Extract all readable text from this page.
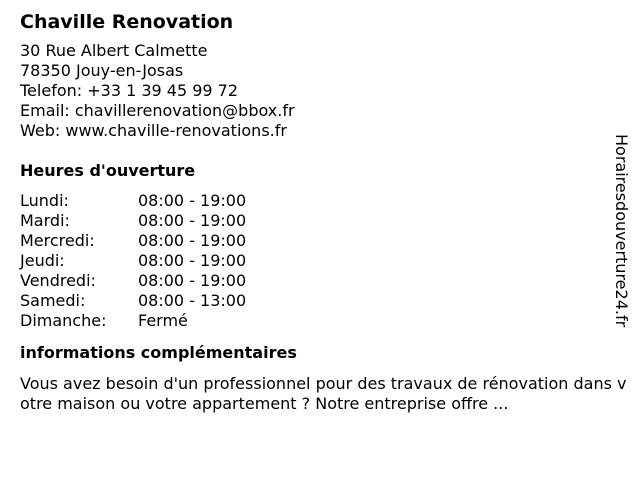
Chaville Renovation
30 Rue Albert Calmette
78350 Jouy-en-Josas
Telefon: +33 1 39 45 99 72
Email: chavillerenovation@bbox.fr
Web: www.chaville-renovations.fr
Heures d'ouverture
Lundi:	08:00 - 19:00
Mardi:	08:00 - 19:00
Mercredi:	08:00 - 19:00
Jeudi:	08:00 - 19:00
Vendredi:	08:00 - 19:00
Samedi:	08:00 - 13:00
Dimanche:	Fermé
informations complémentaires
Vous avez besoin d'un professionnel pour des travaux de rénovation dans votre maison ou votre appartement ? Notre entreprise offre ...
Horairesdouverture24.fr
